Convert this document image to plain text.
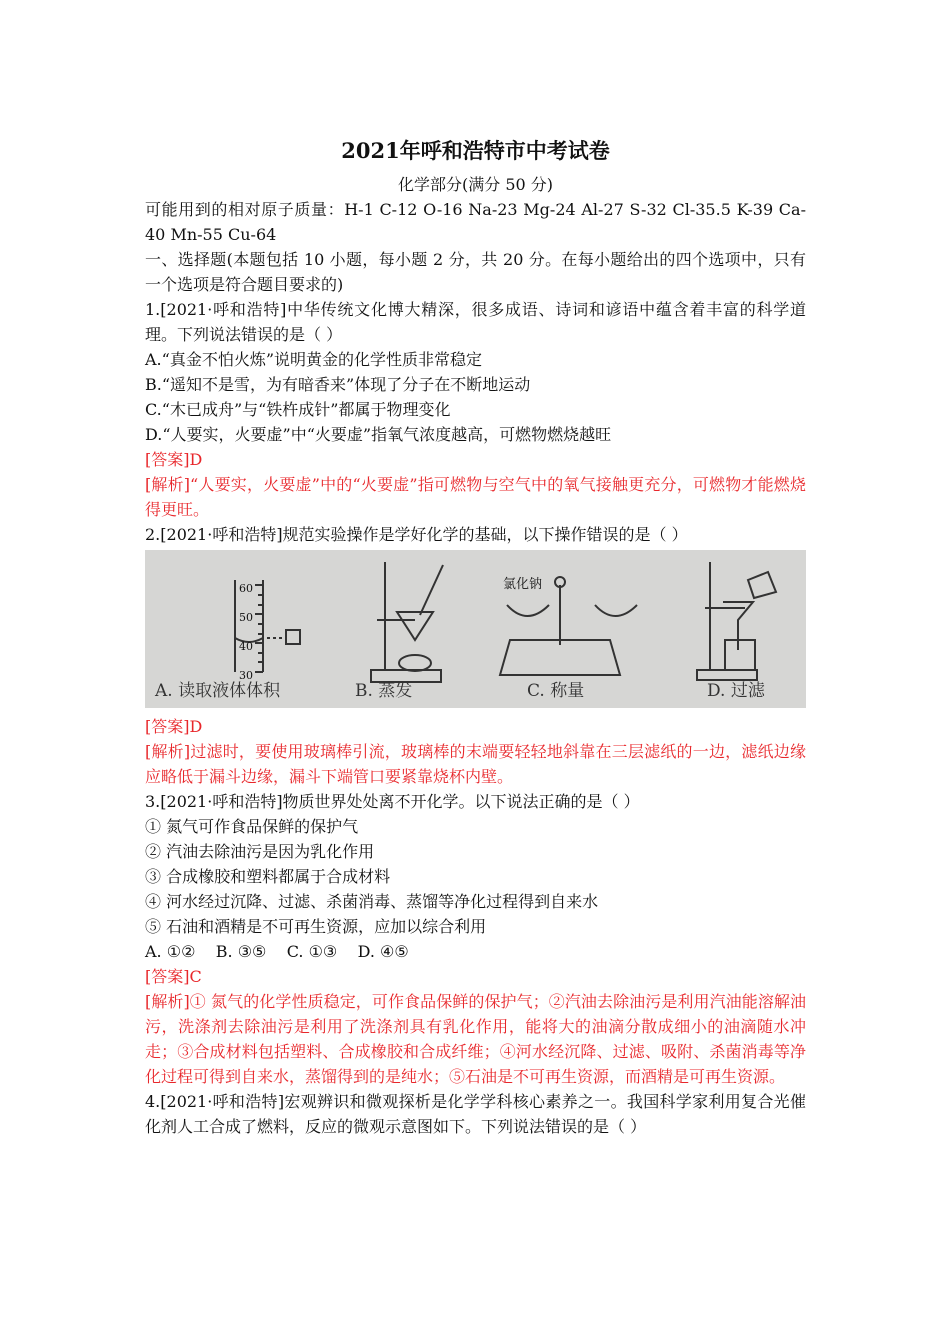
2021年呼和浩特市中考试卷

化学部分(满分 50 分)

可能用到的相对原子质量：H-1 C-12 O-16 Na-23 Mg-24 Al-27 S-32 Cl-35.5 K-39 Ca-40 Mn-55 Cu-64

一、选择题(本题包括 10 小题，每小题 2 分，共 20 分。在每小题给出的四个选项中，只有一个选项是符合题目要求的)

1.[2021·呼和浩特]中华传统文化博大精深，很多成语、诗词和谚语中蕴含着丰富的科学道理。下列说法错误的是（ ）

A.“真金不怕火炼”说明黄金的化学性质非常稳定

B.“遥知不是雪，为有暗香来”体现了分子在不断地运动

C.“木已成舟”与“铁杵成针”都属于物理变化

D.“人要实，火要虚”中“火要虚”指氧气浓度越高，可燃物燃烧越旺

[答案]D

[解析]“人要实，火要虚”中的“火要虚”指可燃物与空气中的氧气接触更充分，可燃物才能燃烧得更旺。

2.[2021·呼和浩特]规范实验操作是学好化学的基础，以下操作错误的是（ ）

A. 读取液体体积	B. 蒸发	C. 称量	D. 过滤
60
50
40
30
氯化钠

[答案]D

[解析]过滤时，要使用玻璃棒引流，玻璃棒的末端要轻轻地斜靠在三层滤纸的一边，滤纸边缘应略低于漏斗边缘，漏斗下端管口要紧靠烧杯内壁。

3.[2021·呼和浩特]物质世界处处离不开化学。以下说法正确的是（ ）

① 氮气可作食品保鲜的保护气

② 汽油去除油污是因为乳化作用

③ 合成橡胶和塑料都属于合成材料

④ 河水经过沉降、过滤、杀菌消毒、蒸馏等净化过程得到自来水

⑤ 石油和酒精是不可再生资源，应加以综合利用

A. ①②    B. ③⑤    C. ①③    D. ④⑤

[答案]C

[解析]① 氮气的化学性质稳定，可作食品保鲜的保护气；②汽油去除油污是利用汽油能溶解油污，洗涤剂去除油污是利用了洗涤剂具有乳化作用，能将大的油滴分散成细小的油滴随水冲走；③合成材料包括塑料、合成橡胶和合成纤维；④河水经沉降、过滤、吸附、杀菌消毒等净化过程可得到自来水，蒸馏得到的是纯水；⑤石油是不可再生资源，而酒精是可再生资源。

4.[2021·呼和浩特]宏观辨识和微观探析是化学学科核心素养之一。我国科学家利用复合光催化剂人工合成了燃料，反应的微观示意图如下。下列说法错误的是（ ）
